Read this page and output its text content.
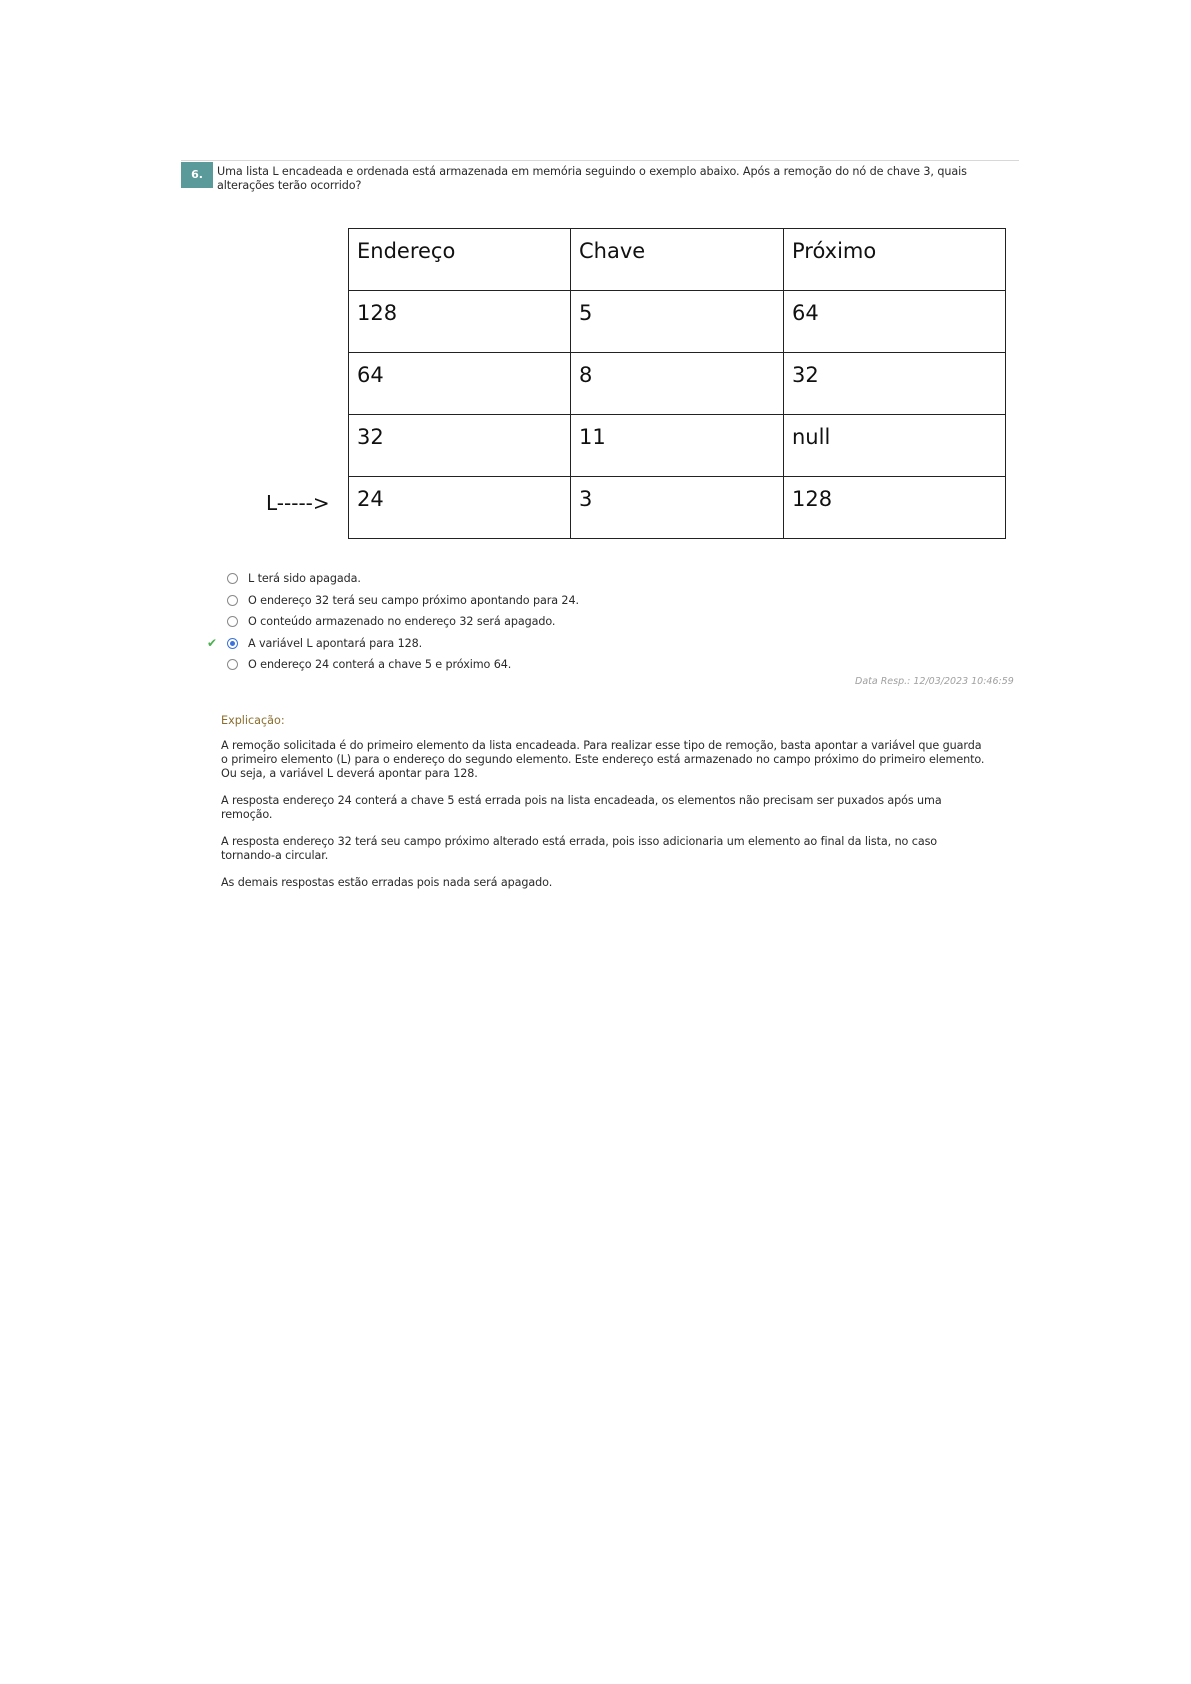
6.	Uma lista L encadeada e ordenada está armazenada em memória seguindo o exemplo abaixo. Após a remoção do nó de chave 3, quais alterações terão ocorrido?
L----->
Endereço	Chave	Próximo
128	5	64
64	8	32
32	11	null
24	3	128
L terá sido apagada.
O endereço 32 terá seu campo próximo apontando para 24.
O conteúdo armazenado no endereço 32 será apagado.
✔	A variável L apontará para 128.
O endereço 24 conterá a chave 5 e próximo 64.
Data Resp.: 12/03/2023 10:46:59
Explicação:

A remoção solicitada é do primeiro elemento da lista encadeada. Para realizar esse tipo de remoção, basta apontar a variável que guarda o primeiro elemento (L) para o endereço do segundo elemento. Este endereço está armazenado no campo próximo do primeiro elemento. Ou seja, a variável L deverá apontar para 128.

A resposta endereço 24 conterá a chave 5 está errada pois na lista encadeada, os elementos não precisam ser puxados após uma remoção.

A resposta endereço 32 terá seu campo próximo alterado está errada, pois isso adicionaria um elemento ao final da lista, no caso tornando-a circular.

As demais respostas estão erradas pois nada será apagado.
